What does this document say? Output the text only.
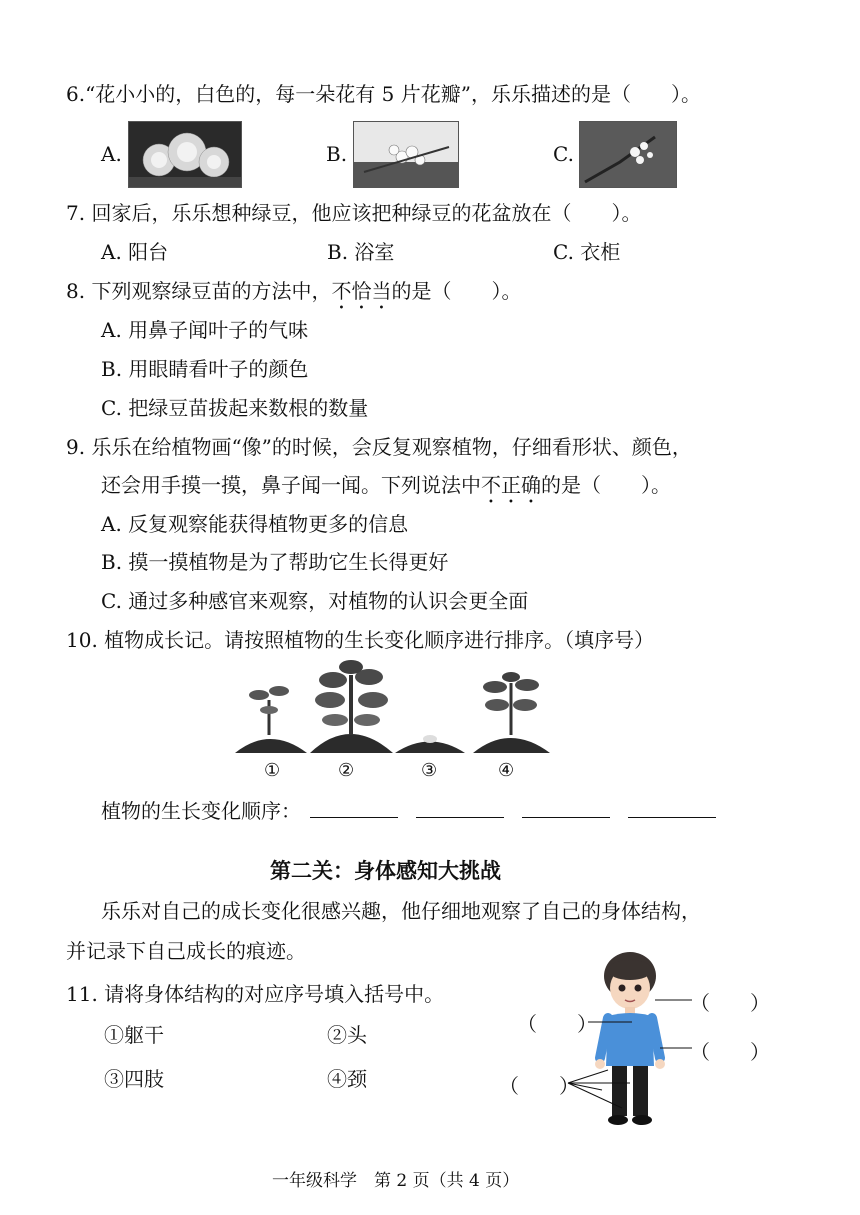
6.“花小小的，白色的，每一朵花有 5 片花瓣”，乐乐描述的是（　　）。
A.	B.	C.
7. 回家后，乐乐想种绿豆，他应该把种绿豆的花盆放在（　　）。
A. 阳台	B. 浴室	C. 衣柜
8. 下列观察绿豆苗的方法中，不恰当的是（　　）。
A. 用鼻子闻叶子的气味
B. 用眼睛看叶子的颜色
C. 把绿豆苗拔起来数根的数量
9. 乐乐在给植物画“像”的时候，会反复观察植物，仔细看形状、颜色，
还会用手摸一摸，鼻子闻一闻。下列说法中不正确的是（　　）。
A. 反复观察能获得植物更多的信息
B. 摸一摸植物是为了帮助它生长得更好
C. 通过多种感官来观察，对植物的认识会更全面
10. 植物成长记。请按照植物的生长变化顺序进行排序。（填序号）
①	②	③	④
植物的生长变化顺序：
第二关：身体感知大挑战
乐乐对自己的成长变化很感兴趣，他仔细地观察了自己的身体结构，
并记录下自己成长的痕迹。
11. 请将身体结构的对应序号填入括号中。
①躯干	②头
③四肢	④颈
（　　）
（　　）
（　　）
（　　）
一年级科学　第 2 页（共 4 页）
